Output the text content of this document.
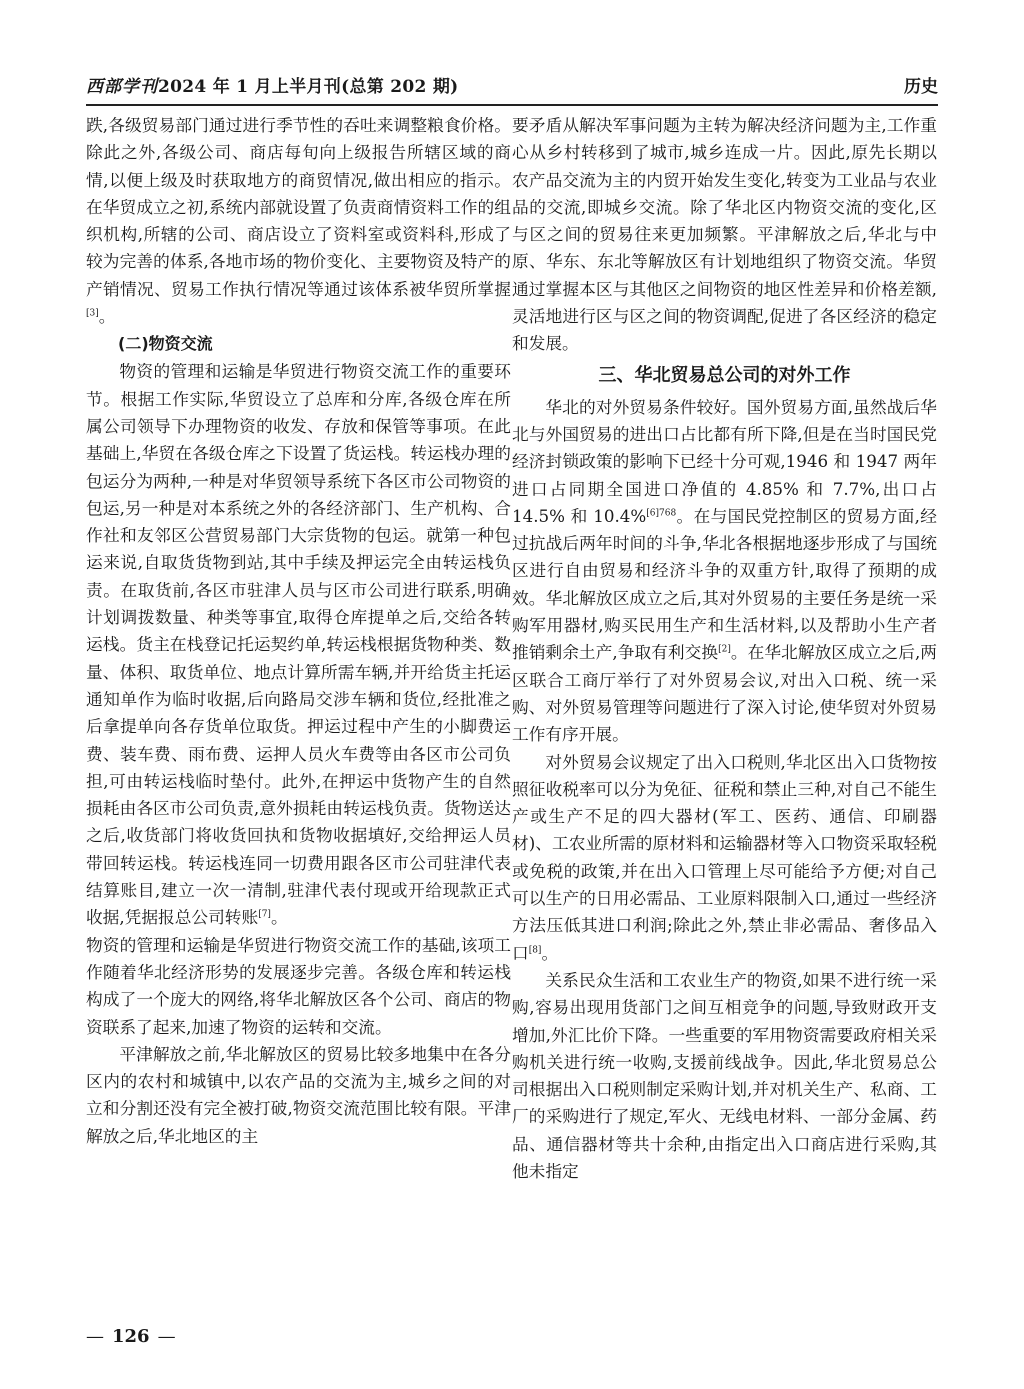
西部学刊2024 年 1 月上半月刊(总第 202 期)	历史

跌,各级贸易部门通过进行季节性的吞吐来调整粮食价格。除此之外,各级公司、商店每旬向上级报告所辖区域的商情,以便上级及时获取地方的商贸情况,做出相应的指示。在华贸成立之初,系统内部就设置了负责商情资料工作的组织机构,所辖的公司、商店设立了资料室或资料科,形成了较为完善的体系,各地市场的物价变化、主要物资及特产的产销情况、贸易工作执行情况等通过该体系被华贸所掌握[3]。

(二)物资交流

物资的管理和运输是华贸进行物资交流工作的重要环节。根据工作实际,华贸设立了总库和分库,各级仓库在所属公司领导下办理物资的收发、存放和保管等事项。在此基础上,华贸在各级仓库之下设置了货运栈。转运栈办理的包运分为两种,一种是对华贸领导系统下各区市公司物资的包运,另一种是对本系统之外的各经济部门、生产机构、合作社和友邻区公营贸易部门大宗货物的包运。就第一种包运来说,自取货货物到站,其中手续及押运完全由转运栈负责。在取货前,各区市驻津人员与区市公司进行联系,明确计划调拨数量、种类等事宜,取得仓库提单之后,交给各转运栈。货主在栈登记托运契约单,转运栈根据货物种类、数量、体积、取货单位、地点计算所需车辆,并开给货主托运通知单作为临时收据,后向路局交涉车辆和货位,经批准之后拿提单向各存货单位取货。押运过程中产生的小脚费运费、装车费、雨布费、运押人员火车费等由各区市公司负担,可由转运栈临时垫付。此外,在押运中货物产生的自然损耗由各区市公司负责,意外损耗由转运栈负责。货物送达之后,收货部门将收货回执和货物收据填好,交给押运人员带回转运栈。转运栈连同一切费用跟各区市公司驻津代表结算账目,建立一次一清制,驻津代表付现或开给现款正式收据,凭据报总公司转账[7]。

物资的管理和运输是华贸进行物资交流工作的基础,该项工作随着华北经济形势的发展逐步完善。各级仓库和转运栈构成了一个庞大的网络,将华北解放区各个公司、商店的物资联系了起来,加速了物资的运转和交流。

平津解放之前,华北解放区的贸易比较多地集中在各分区内的农村和城镇中,以农产品的交流为主,城乡之间的对立和分割还没有完全被打破,物资交流范围比较有限。平津解放之后,华北地区的主

要矛盾从解决军事问题为主转为解决经济问题为主,工作重心从乡村转移到了城市,城乡连成一片。因此,原先长期以农产品交流为主的内贸开始发生变化,转变为工业品与农业品的交流,即城乡交流。除了华北区内物资交流的变化,区与区之间的贸易往来更加频繁。平津解放之后,华北与中原、华东、东北等解放区有计划地组织了物资交流。华贸通过掌握本区与其他区之间物资的地区性差异和价格差额,灵活地进行区与区之间的物资调配,促进了各区经济的稳定和发展。

三、华北贸易总公司的对外工作

华北的对外贸易条件较好。国外贸易方面,虽然战后华北与外国贸易的进出口占比都有所下降,但是在当时国民党经济封锁政策的影响下已经十分可观,1946 和 1947 两年进口占同期全国进口净值的 4.85% 和 7.7%,出口占 14.5% 和 10.4%$^{[6]768}$。在与国民党控制区的贸易方面,经过抗战后两年时间的斗争,华北各根据地逐步形成了与国统区进行自由贸易和经济斗争的双重方针,取得了预期的成效。华北解放区成立之后,其对外贸易的主要任务是统一采购军用器材,购买民用生产和生活材料,以及帮助小生产者推销剩余土产,争取有利交换[2]。在华北解放区成立之后,两区联合工商厅举行了对外贸易会议,对出入口税、统一采购、对外贸易管理等问题进行了深入讨论,使华贸对外贸易工作有序开展。

对外贸易会议规定了出入口税则,华北区出入口货物按照征收税率可以分为免征、征税和禁止三种,对自己不能生产或生产不足的四大器材(军工、医药、通信、印刷器材)、工农业所需的原材料和运输器材等入口物资采取轻税或免税的政策,并在出入口管理上尽可能给予方便;对自己可以生产的日用必需品、工业原料限制入口,通过一些经济方法压低其进口利润;除此之外,禁止非必需品、奢侈品入口[8]。

关系民众生活和工农业生产的物资,如果不进行统一采购,容易出现用货部门之间互相竞争的问题,导致财政开支增加,外汇比价下降。一些重要的军用物资需要政府相关采购机关进行统一收购,支援前线战争。因此,华北贸易总公司根据出入口税则制定采购计划,并对机关生产、私商、工厂的采购进行了规定,军火、无线电材料、一部分金属、药品、通信器材等共十余种,由指定出入口商店进行采购,其他未指定

— 126 —
